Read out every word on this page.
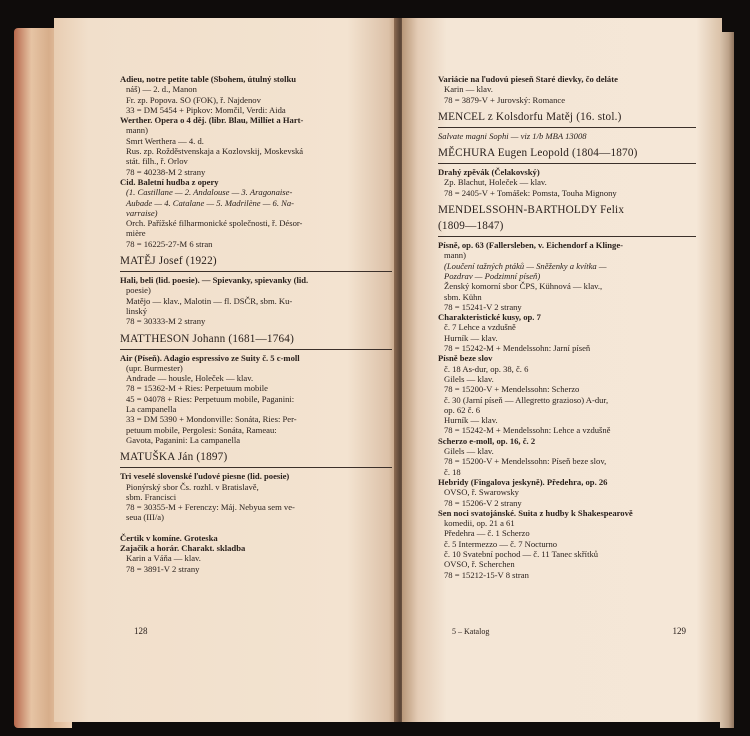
Adieu, notre petite table (Sbohem, útulný stolku
náš) — 2. d., Manon
Fr. zp. Popova. SO (FOK), ř. Najdenov
33 = DM 5454 + Pipkov: Momčil, Verdi: Aida
Werther. Opera o 4 děj. (libr. Blau, Millíet a Hart-
mann)
Smrt Werthera — 4. d.
Rus. zp. Rožděstvenskaja a Kozlovskij, Moskevská
stát. filh., ř. Orlov
78 = 40238-M 2 strany
Cid. Baletní hudba z opery
(1. Castillane — 2. Andalouse — 3. Aragonaise-
Aubade — 4. Catalane — 5. Madrilène — 6. Na-
varraise)
Orch. Pařížské filharmonické společnosti, ř. Désor-
mière
78 = 16225-27-M 6 stran
MATĚJ Josef (1922)
Hali, beli (lid. poesie). — Spievanky, spievanky (lid.
poesie)
Matějo — klav., Malotin — fl. DSČR, sbm. Ku-
linský
78 = 30333-M 2 strany
MATTHESON Johann (1681—1764)
Air (Píseň). Adagio espressivo ze Suity č. 5 c-moll
(upr. Burmester)
Andrade — housle, Holeček — klav.
78 = 15362-M + Ries: Perpetuum mobile
45 = 04078 + Ries: Perpetuum mobile, Paganini:
La campanella
33 = DM 5390 + Mondonville: Sonáta, Ries: Per-
petuum mobile, Pergolesi: Sonáta, Rameau:
Gavota, Paganini: La campanella
MATUŠKA Ján (1897)
Tri veselé slovenské ľudové piesne (lid. poesie)
Pionýrský sbor Čs. rozhl. v Bratislavě,
sbm. Francisci
78 = 30355-M + Ferenczy: Máj. Nebyua sem ve-
seua (III/a)
Čertik v komíne. Groteska
Zajačik a horár. Charakt. skladba
Karin a Váňa — klav.
78 = 3891-V 2 strany
128
Variácie na ľudovú pieseň Staré dievky, čo deláte
Karin — klav.
78 = 3879-V + Jurovský: Romance
MENCEL z Kolsdorfu Matěj (16. stol.)
Salvate magni Sophi — viz 1/b MBA 13008
MĚCHURA Eugen Leopold (1804—1870)
Drahý zpěvák (Čelakovský)
Zp. Blachut, Holeček — klav.
78 = 2405-V + Tomášek: Pomsta, Touha Mignony
MENDELSSOHN-BARTHOLDY Felix
(1809—1847)
Písně, op. 63 (Fallersleben, v. Eichendorf a Klinge-
mann)
(Loučení tažných ptáků — Sněženky a kvítka —
Pozdrav — Podzimní píseň)
Ženský komorní sbor ČPS, Kühnová — klav.,
sbm. Kühn
78 = 15241-V 2 strany
Charakteristické kusy, op. 7
č. 7 Lehce a vzdušně
Hurník — klav.
78 = 15242-M + Mendelssohn: Jarní píseň
Písně beze slov
č. 18 As-dur, op. 38, č. 6
Gilels — klav.
78 = 15200-V + Mendelssohn: Scherzo
č. 30 (Jarní píseň — Allegretto grazioso) A-dur,
op. 62 č. 6
Hurník — klav.
78 = 15242-M + Mendelssohn: Lehce a vzdušně
Scherzo e-moll, op. 16, č. 2
Gilels — klav.
78 = 15200-V + Mendelssohn: Píseň beze slov,
č. 18
Hebridy (Fingalova jeskyně). Předehra, op. 26
OVSO, ř. Swarowsky
78 = 15206-V 2 strany
Sen noci svatojánské. Suita z hudby k Shakespearově
komedii, op. 21 a 61
Předehra — č. 1 Scherzo
č. 5 Intermezzo — č. 7 Nocturno
č. 10 Svatební pochod — č. 11 Tanec skřítků
OVSO, ř. Scherchen
78 = 15212-15-V 8 stran
5 – Katalog	129
